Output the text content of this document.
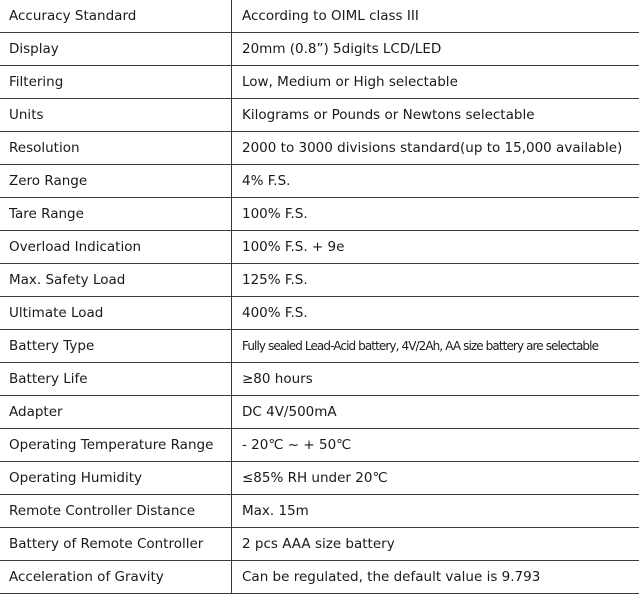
Accuracy Standard	According to OIML class III
Display	20mm (0.8”) 5digits LCD/LED
Filtering	Low, Medium or High selectable
Units	Kilograms or Pounds or Newtons selectable
Resolution	2000 to 3000 divisions standard(up to 15,000 available)
Zero Range	4% F.S.
Tare Range	100% F.S.
Overload Indication	100% F.S. + 9e
Max. Safety Load	125% F.S.
Ultimate Load	400% F.S.
Battery Type	Fully sealed Lead-Acid battery, 4V/2Ah, AA size battery are selectable
Battery Life	≥80 hours
Adapter	DC 4V/500mA
Operating Temperature Range	- 20℃ ~ + 50℃
Operating Humidity	≤85% RH under 20℃
Remote Controller Distance	Max. 15m
Battery of Remote Controller	2 pcs AAA size battery
Acceleration of Gravity	Can be regulated, the default value is 9.793
